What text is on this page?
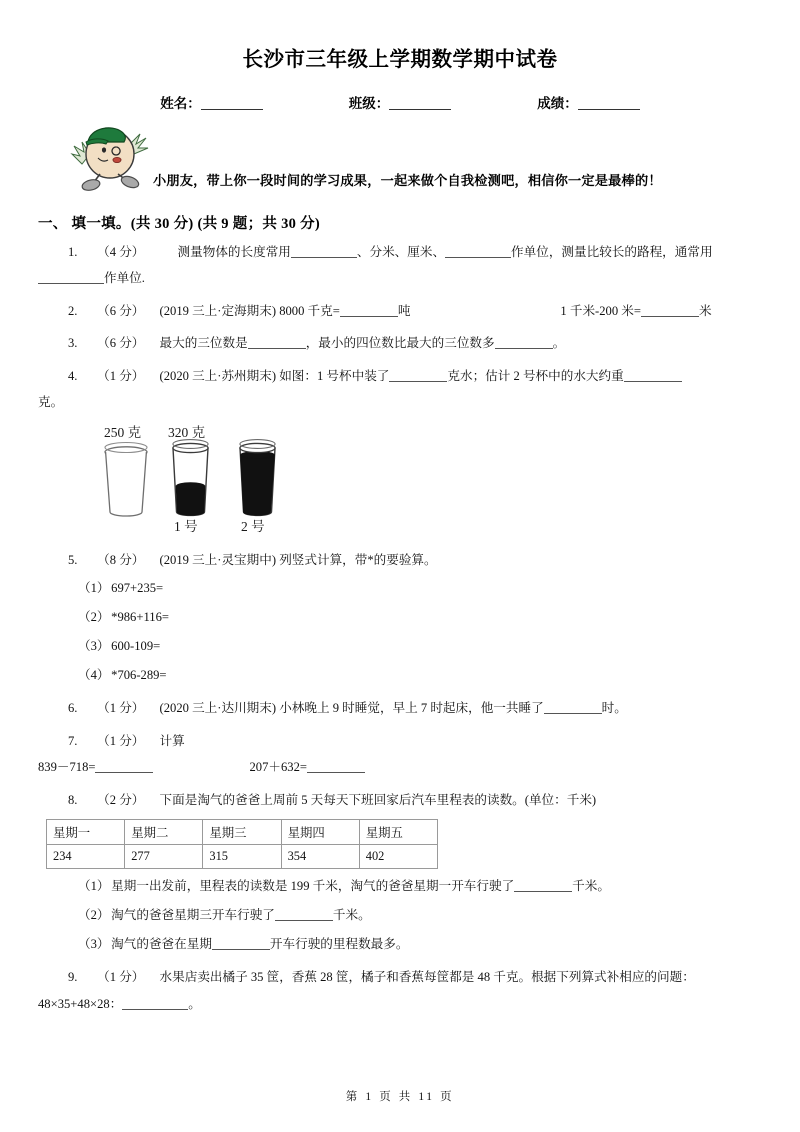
长沙市三年级上学期数学期中试卷
姓名：	班级：	成绩：
小朋友，带上你一段时间的学习成果，一起来做个自我检测吧，相信你一定是最棒的！
一、 填一填。(共 30 分) (共 9 题；共 30 分)
1. （4 分）	测量物体的长度常用	、分米、厘米、	作单位，测量比较长的路程，通常用
作单位.
2. （6 分） (2019 三上·定海期末) 8000 千克=	吨	1 千米-200 米=	米
3. （6 分） 最大的三位数是	，最小的四位数比最大的三位数多	。
4. （1 分） (2020 三上·苏州期末) 如图：1 号杯中装了	克水；估计 2 号杯中的水大约重
克。
250 克 320 克
1 号	2 号
5. （8 分） (2019 三上·灵宝期中) 列竖式计算，带*的要验算。
（1） 697+235=
（2） *986+116=
（3） 600-109=
（4） *706-289=
6. （1 分） (2020 三上·达川期末) 小林晚上 9 时睡觉，早上 7 时起床，他一共睡了	时。
7. （1 分） 计算
839－718=	207＋632=
8. （2 分） 下面是淘气的爸爸上周前 5 天每天下班回家后汽车里程表的读数。(单位：千米)
星期一	星期二	星期三	星期四	星期五
234	277	315	354	402
（1） 星期一出发前，里程表的读数是 199 千米，淘气的爸爸星期一开车行驶了	千米。
（2） 淘气的爸爸星期三开车行驶了	千米。
（3） 淘气的爸爸在星期	开车行驶的里程数最多。
9. （1 分） 水果店卖出橘子 35 筐，香蕉 28 筐，橘子和香蕉每筐都是 48 千克。根据下列算式补相应的问题：
48×35+48×28：	。
第 1 页 共 11 页
